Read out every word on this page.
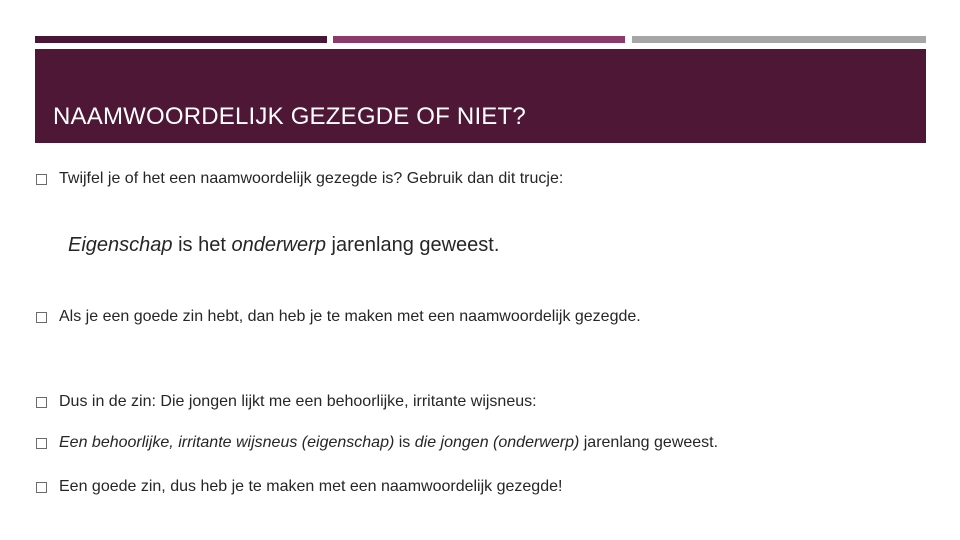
NAAMWOORDELIJK GEZEGDE OF NIET?
Twijfel je of het een naamwoordelijk gezegde is? Gebruik dan dit trucje:
Eigenschap is het onderwerp jarenlang geweest.
Als je een goede zin hebt, dan heb je te maken met een naamwoordelijk gezegde.
Dus in de zin: Die jongen lijkt me een behoorlijke, irritante wijsneus:
Een behoorlijke, irritante wijsneus (eigenschap) is die jongen (onderwerp) jarenlang geweest.
Een goede zin, dus heb je te maken met een naamwoordelijk gezegde!
